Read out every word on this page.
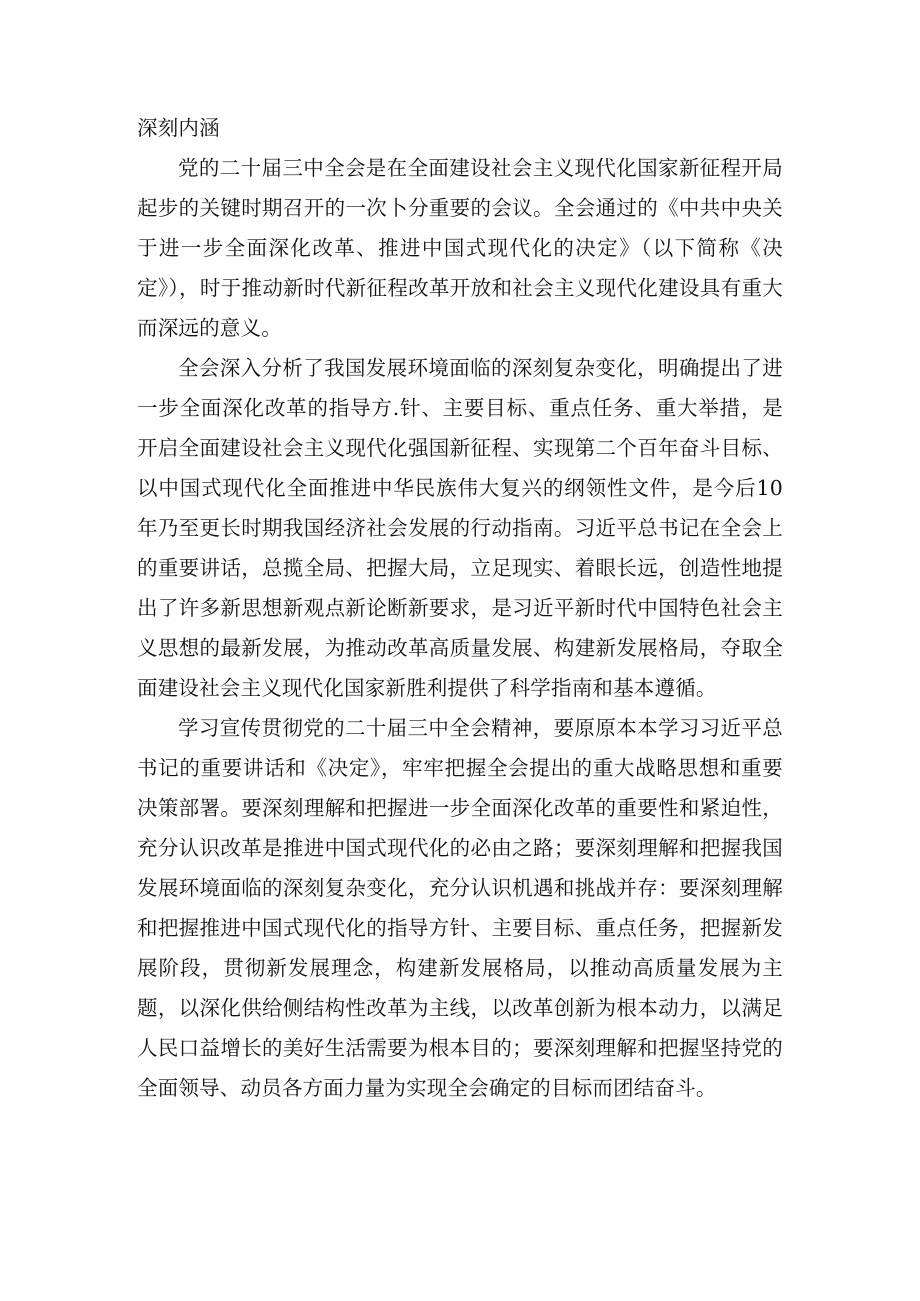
深刻内涵

党的二十届三中全会是在全面建设社会主义现代化国家新征程开局起步的关键时期召开的一次卜分重要的会议。全会通过的《中共中央关于进一步全面深化改革、推进中国式现代化的决定》（以下简称《决定》），时于推动新时代新征程改革开放和社会主义现代化建设具有重大而深远的意义。

全会深入分析了我国发展环境面临的深刻复杂变化，明确提出了进一步全面深化改革的指导方.针、主要目标、重点任务、重大举措，是开启全面建设社会主义现代化强国新征程、实现第二个百年奋斗目标、以中国式现代化全面推进中华民族伟大复兴的纲领性文件，是今后10年乃至更长时期我国经济社会发展的行动指南。习近平总书记在全会上的重要讲话，总揽全局、把握大局，立足现实、着眼长远，创造性地提出了许多新思想新观点新论断新要求，是习近平新时代中国特色社会主义思想的最新发展，为推动改革高质量发展、构建新发展格局，夺取全面建设社会主义现代化国家新胜利提供了科学指南和基本遵循。

学习宣传贯彻党的二十届三中全会精神，要原原本本学习习近平总书记的重要讲话和《决定》，牢牢把握全会提出的重大战略思想和重要决策部署。要深刻理解和把握进一步全面深化改革的重要性和紧迫性，充分认识改革是推进中国式现代化的必由之路；要深刻理解和把握我国发展环境面临的深刻复杂变化，充分认识机遇和挑战并存：要深刻理解和把握推进中国式现代化的指导方针、主要目标、重点任务，把握新发展阶段，贯彻新发展理念，构建新发展格局，以推动高质量发展为主题，以深化供给侧结构性改革为主线，以改革创新为根本动力，以满足人民口益增长的美好生活需要为根本目的；要深刻理解和把握坚持党的全面领导、动员各方面力量为实现全会确定的目标而团结奋斗。
